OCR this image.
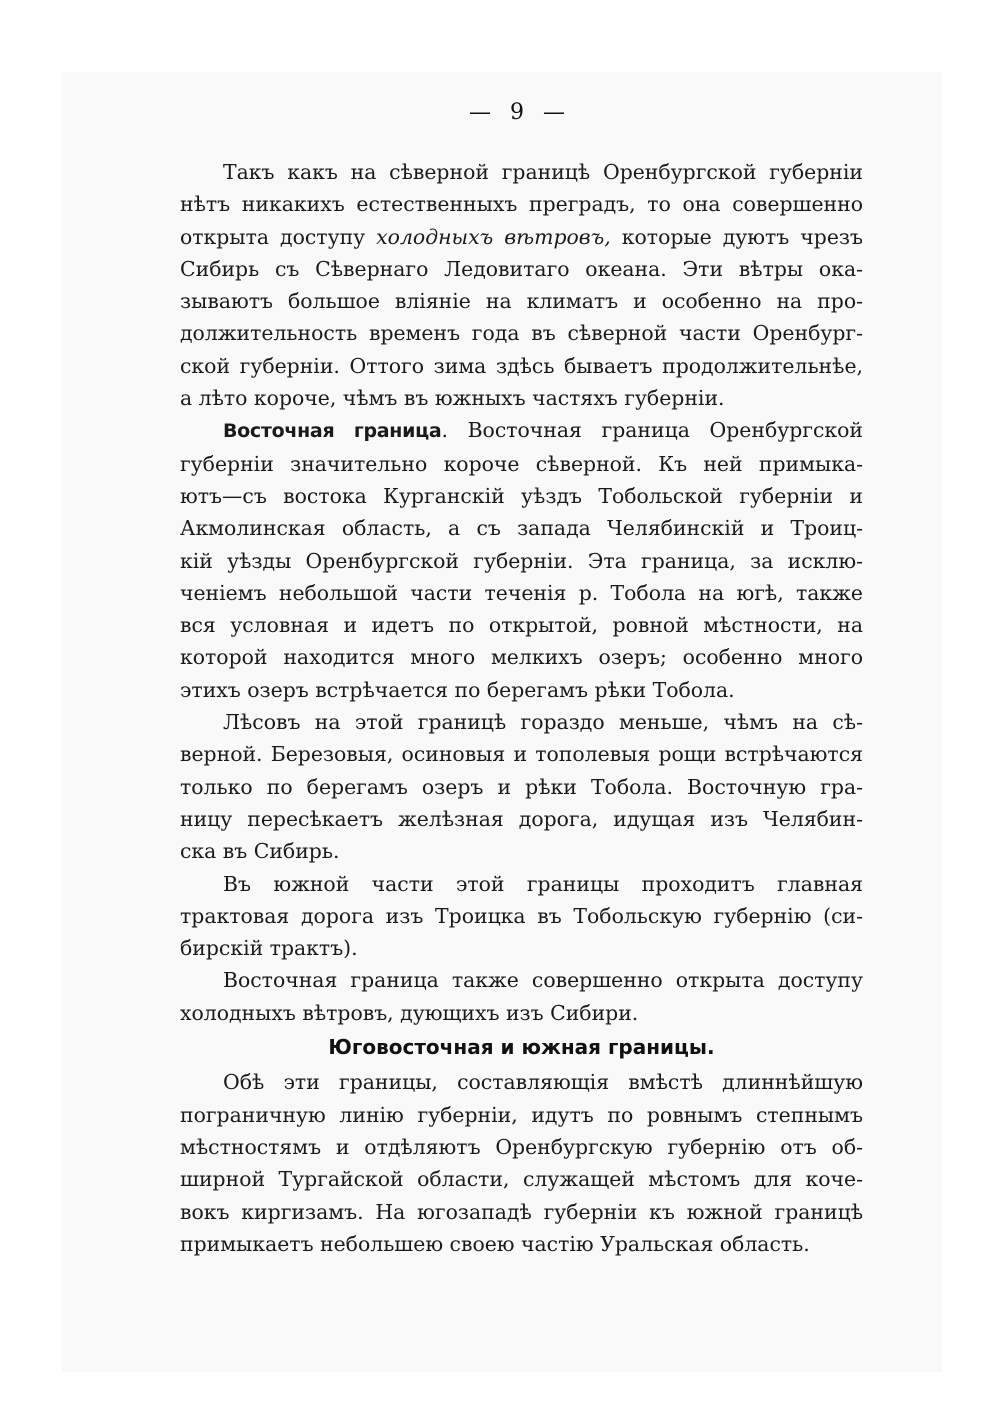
— 9 —

Такъ какъ на сѣверной границѣ Оренбургской губерніи

нѣтъ никакихъ естественныхъ преградъ, то она совершенно

открыта доступу холодныхъ вѣтровъ, которые дуютъ чрезъ

Сибирь съ Сѣвернаго Ледовитаго океана. Эти вѣтры ока-

зываютъ большое вліяніе на климатъ и особенно на про-

должительность временъ года въ сѣверной части Оренбург-

ской губерніи. Оттого зима здѣсь бываетъ продолжительнѣе,

а лѣто короче, чѣмъ въ южныхъ частяхъ губерніи.

Восточная граница. Восточная граница Оренбургской

губерніи значительно короче сѣверной. Къ ней примыка-

ютъ—съ востока Курганскій уѣздъ Тобольской губерніи и

Акмолинская область, а съ запада Челябинскій и Троиц-

кій уѣзды Оренбургской губерніи. Эта граница, за исклю-

ченіемъ небольшой части теченія р. Тобола на югѣ, также

вся условная и идетъ по открытой, ровной мѣстности, на

которой находится много мелкихъ озеръ; особенно много

этихъ озеръ встрѣчается по берегамъ рѣки Тобола.

Лѣсовъ на этой границѣ гораздо меньше, чѣмъ на сѣ-

верной. Березовыя, осиновыя и тополевыя рощи встрѣчаются

только по берегамъ озеръ и рѣки Тобола. Восточную гра-

ницу пересѣкаетъ желѣзная дорога, идущая изъ Челябин-

ска въ Сибирь.

Въ южной части этой границы проходитъ главная

трактовая дорога изъ Троицка въ Тобольскую губернію (си-

бирскій трактъ).

Восточная граница также совершенно открыта доступу

холодныхъ вѣтровъ, дующихъ изъ Сибири.

Юговосточная и южная границы.

Обѣ эти границы, составляющія вмѣстѣ длиннѣйшую

пограничную линію губерніи, идутъ по ровнымъ степнымъ

мѣстностямъ и отдѣляютъ Оренбургскую губернію отъ об-

ширной Тургайской области, служащей мѣстомъ для коче-

вокъ киргизамъ. На югозападѣ губерніи къ южной границѣ

примыкаетъ небольшею своею частію Уральская область.
